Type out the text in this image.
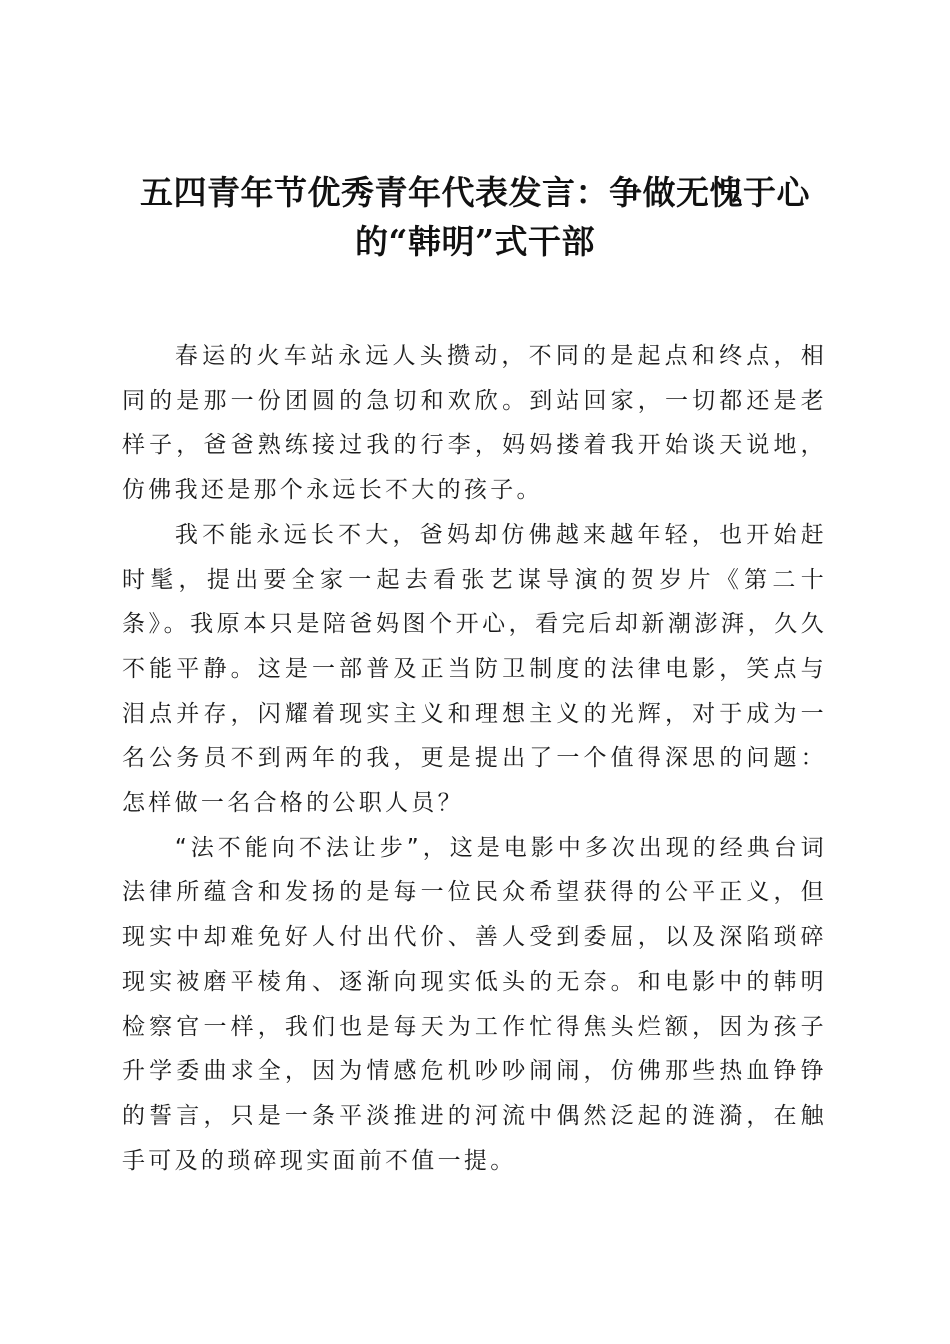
五四青年节优秀青年代表发言：争做无愧于心
的“韩明”式干部

春运的火车站永远人头攒动，不同的是起点和终点，相同的是那一份团圆的急切和欢欣。到站回家，一切都还是老样子，爸爸熟练接过我的行李，妈妈搂着我开始谈天说地，仿佛我还是那个永远长不大的孩子。

我不能永远长不大，爸妈却仿佛越来越年轻，也开始赶时髦，提出要全家一起去看张艺谋导演的贺岁片《第二十条》。我原本只是陪爸妈图个开心，看完后却新潮澎湃，久久不能平静。这是一部普及正当防卫制度的法律电影，笑点与泪点并存，闪耀着现实主义和理想主义的光辉，对于成为一名公务员不到两年的我，更是提出了一个值得深思的问题：怎样做一名合格的公职人员？

“法不能向不法让步”，这是电影中多次出现的经典台词法律所蕴含和发扬的是每一位民众希望获得的公平正义，但现实中却难免好人付出代价、善人受到委屈，以及深陷琐碎现实被磨平棱角、逐渐向现实低头的无奈。和电影中的韩明检察官一样，我们也是每天为工作忙得焦头烂额，因为孩子升学委曲求全，因为情感危机吵吵闹闹，仿佛那些热血铮铮的誓言，只是一条平淡推进的河流中偶然泛起的涟漪，在触手可及的琐碎现实面前不值一提。
